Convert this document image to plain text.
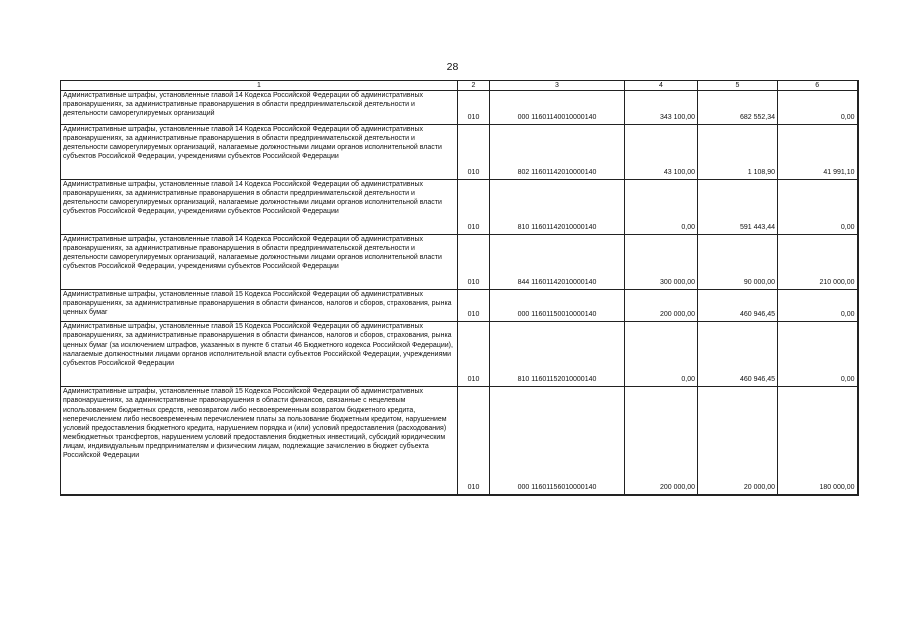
28
1	2	3	4	5	6
Административные штрафы, установленные главой 14 Кодекса Российской Федерации об административных правонарушениях, за административные правонарушения в области предпринимательской деятельности и деятельности саморегулируемых организаций	010	000 11601140010000140	343 100,00	682 552,34	0,00
Административные штрафы, установленные главой 14 Кодекса Российской Федерации об административных правонарушениях, за административные правонарушения в области предпринимательской деятельности и деятельности саморегулируемых организаций, налагаемые должностными лицами органов исполнительной власти субъектов Российской Федерации, учреждениями субъектов Российской Федерации	010	802 11601142010000140	43 100,00	1 108,90	41 991,10
Административные штрафы, установленные главой 14 Кодекса Российской Федерации об административных правонарушениях, за административные правонарушения в области предпринимательской деятельности и деятельности саморегулируемых организаций, налагаемые должностными лицами органов исполнительной власти субъектов Российской Федерации, учреждениями субъектов Российской Федерации	010	810 11601142010000140	0,00	591 443,44	0,00
Административные штрафы, установленные главой 14 Кодекса Российской Федерации об административных правонарушениях, за административные правонарушения в области предпринимательской деятельности и деятельности саморегулируемых организаций, налагаемые должностными лицами органов исполнительной власти субъектов Российской Федерации, учреждениями субъектов Российской Федерации	010	844 11601142010000140	300 000,00	90 000,00	210 000,00
Административные штрафы, установленные главой 15 Кодекса Российской Федерации об административных правонарушениях, за административные правонарушения в области финансов, налогов и сборов, страхования, рынка ценных бумаг	010	000 11601150010000140	200 000,00	460 946,45	0,00
Административные штрафы, установленные главой 15 Кодекса Российской Федерации об административных правонарушениях, за административные правонарушения в области финансов, налогов и сборов, страхования, рынка ценных бумаг (за исключением штрафов, указанных в пункте 6 статьи 46 Бюджетного кодекса Российской Федерации), налагаемые должностными лицами органов исполнительной власти субъектов Российской Федерации, учреждениями субъектов Российской Федерации	010	810 11601152010000140	0,00	460 946,45	0,00
Административные штрафы, установленные главой 15 Кодекса Российской Федерации об административных правонарушениях, за административные правонарушения в области финансов, связанные с нецелевым использованием бюджетных средств, невозвратом либо несвоевременным возвратом бюджетного кредита, неперечислением либо несвоевременным перечислением платы за пользование бюджетным кредитом, нарушением условий предоставления бюджетного кредита, нарушением порядка и (или) условий предоставления (расходования) межбюджетных трансфертов, нарушением условий предоставления бюджетных инвестиций, субсидий юридическим лицам, индивидуальным предпринимателям и физическим лицам, подлежащие зачислению в бюджет субъекта Российской Федерации	010	000 11601156010000140	200 000,00	20 000,00	180 000,00
